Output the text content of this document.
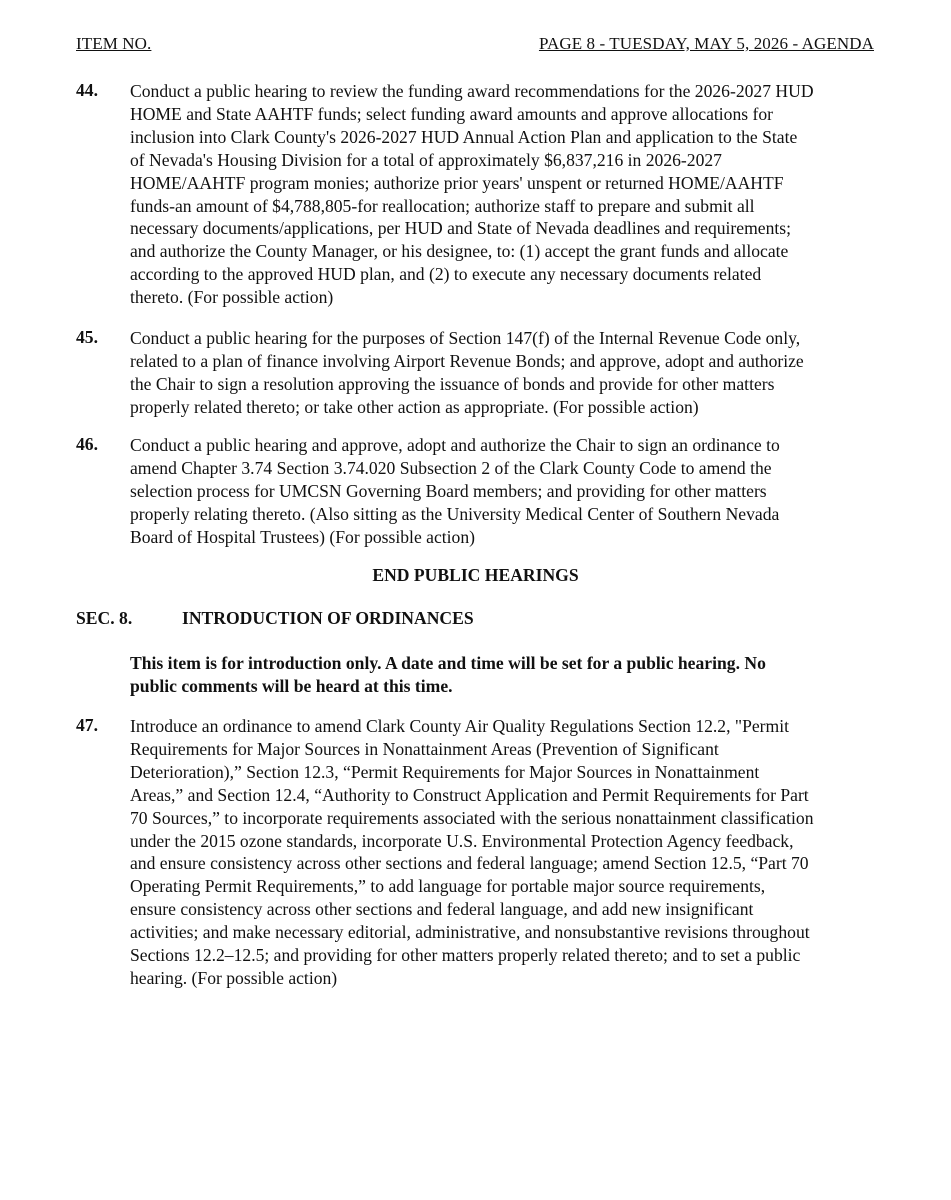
ITEM NO.	PAGE 8 - TUESDAY, MAY 5, 2026 - AGENDA
44. Conduct a public hearing to review the funding award recommendations for the 2026-2027 HUD
HOME and State AAHTF funds; select funding award amounts and approve allocations for
inclusion into Clark County's 2026-2027 HUD Annual Action Plan and application to the State
of Nevada's Housing Division for a total of approximately $6,837,216 in 2026-2027
HOME/AAHTF program monies; authorize prior years' unspent or returned HOME/AAHTF
funds-an amount of $4,788,805-for reallocation; authorize staff to prepare and submit all
necessary documents/applications, per HUD and State of Nevada deadlines and requirements;
and authorize the County Manager, or his designee, to: (1) accept the grant funds and allocate
according to the approved HUD plan, and (2) to execute any necessary documents related
thereto. (For possible action)
45. Conduct a public hearing for the purposes of Section 147(f) of the Internal Revenue Code only,
related to a plan of finance involving Airport Revenue Bonds; and approve, adopt and authorize
the Chair to sign a resolution approving the issuance of bonds and provide for other matters
properly related thereto; or take other action as appropriate. (For possible action)
46. Conduct a public hearing and approve, adopt and authorize the Chair to sign an ordinance to
amend Chapter 3.74 Section 3.74.020 Subsection 2 of the Clark County Code to amend the
selection process for UMCSN Governing Board members; and providing for other matters
properly relating thereto. (Also sitting as the University Medical Center of Southern Nevada
Board of Hospital Trustees) (For possible action)
END PUBLIC HEARINGS
SEC. 8.	INTRODUCTION OF ORDINANCES
This item is for introduction only. A date and time will be set for a public hearing. No
public comments will be heard at this time.
47. Introduce an ordinance to amend Clark County Air Quality Regulations Section 12.2, "Permit
Requirements for Major Sources in Nonattainment Areas (Prevention of Significant
Deterioration),” Section 12.3, “Permit Requirements for Major Sources in Nonattainment
Areas,” and Section 12.4, “Authority to Construct Application and Permit Requirements for Part
70 Sources,” to incorporate requirements associated with the serious nonattainment classification
under the 2015 ozone standards, incorporate U.S. Environmental Protection Agency feedback,
and ensure consistency across other sections and federal language; amend Section 12.5, “Part 70
Operating Permit Requirements,” to add language for portable major source requirements,
ensure consistency across other sections and federal language, and add new insignificant
activities; and make necessary editorial, administrative, and nonsubstantive revisions throughout
Sections 12.2–12.5; and providing for other matters properly related thereto; and to set a public
hearing. (For possible action)
